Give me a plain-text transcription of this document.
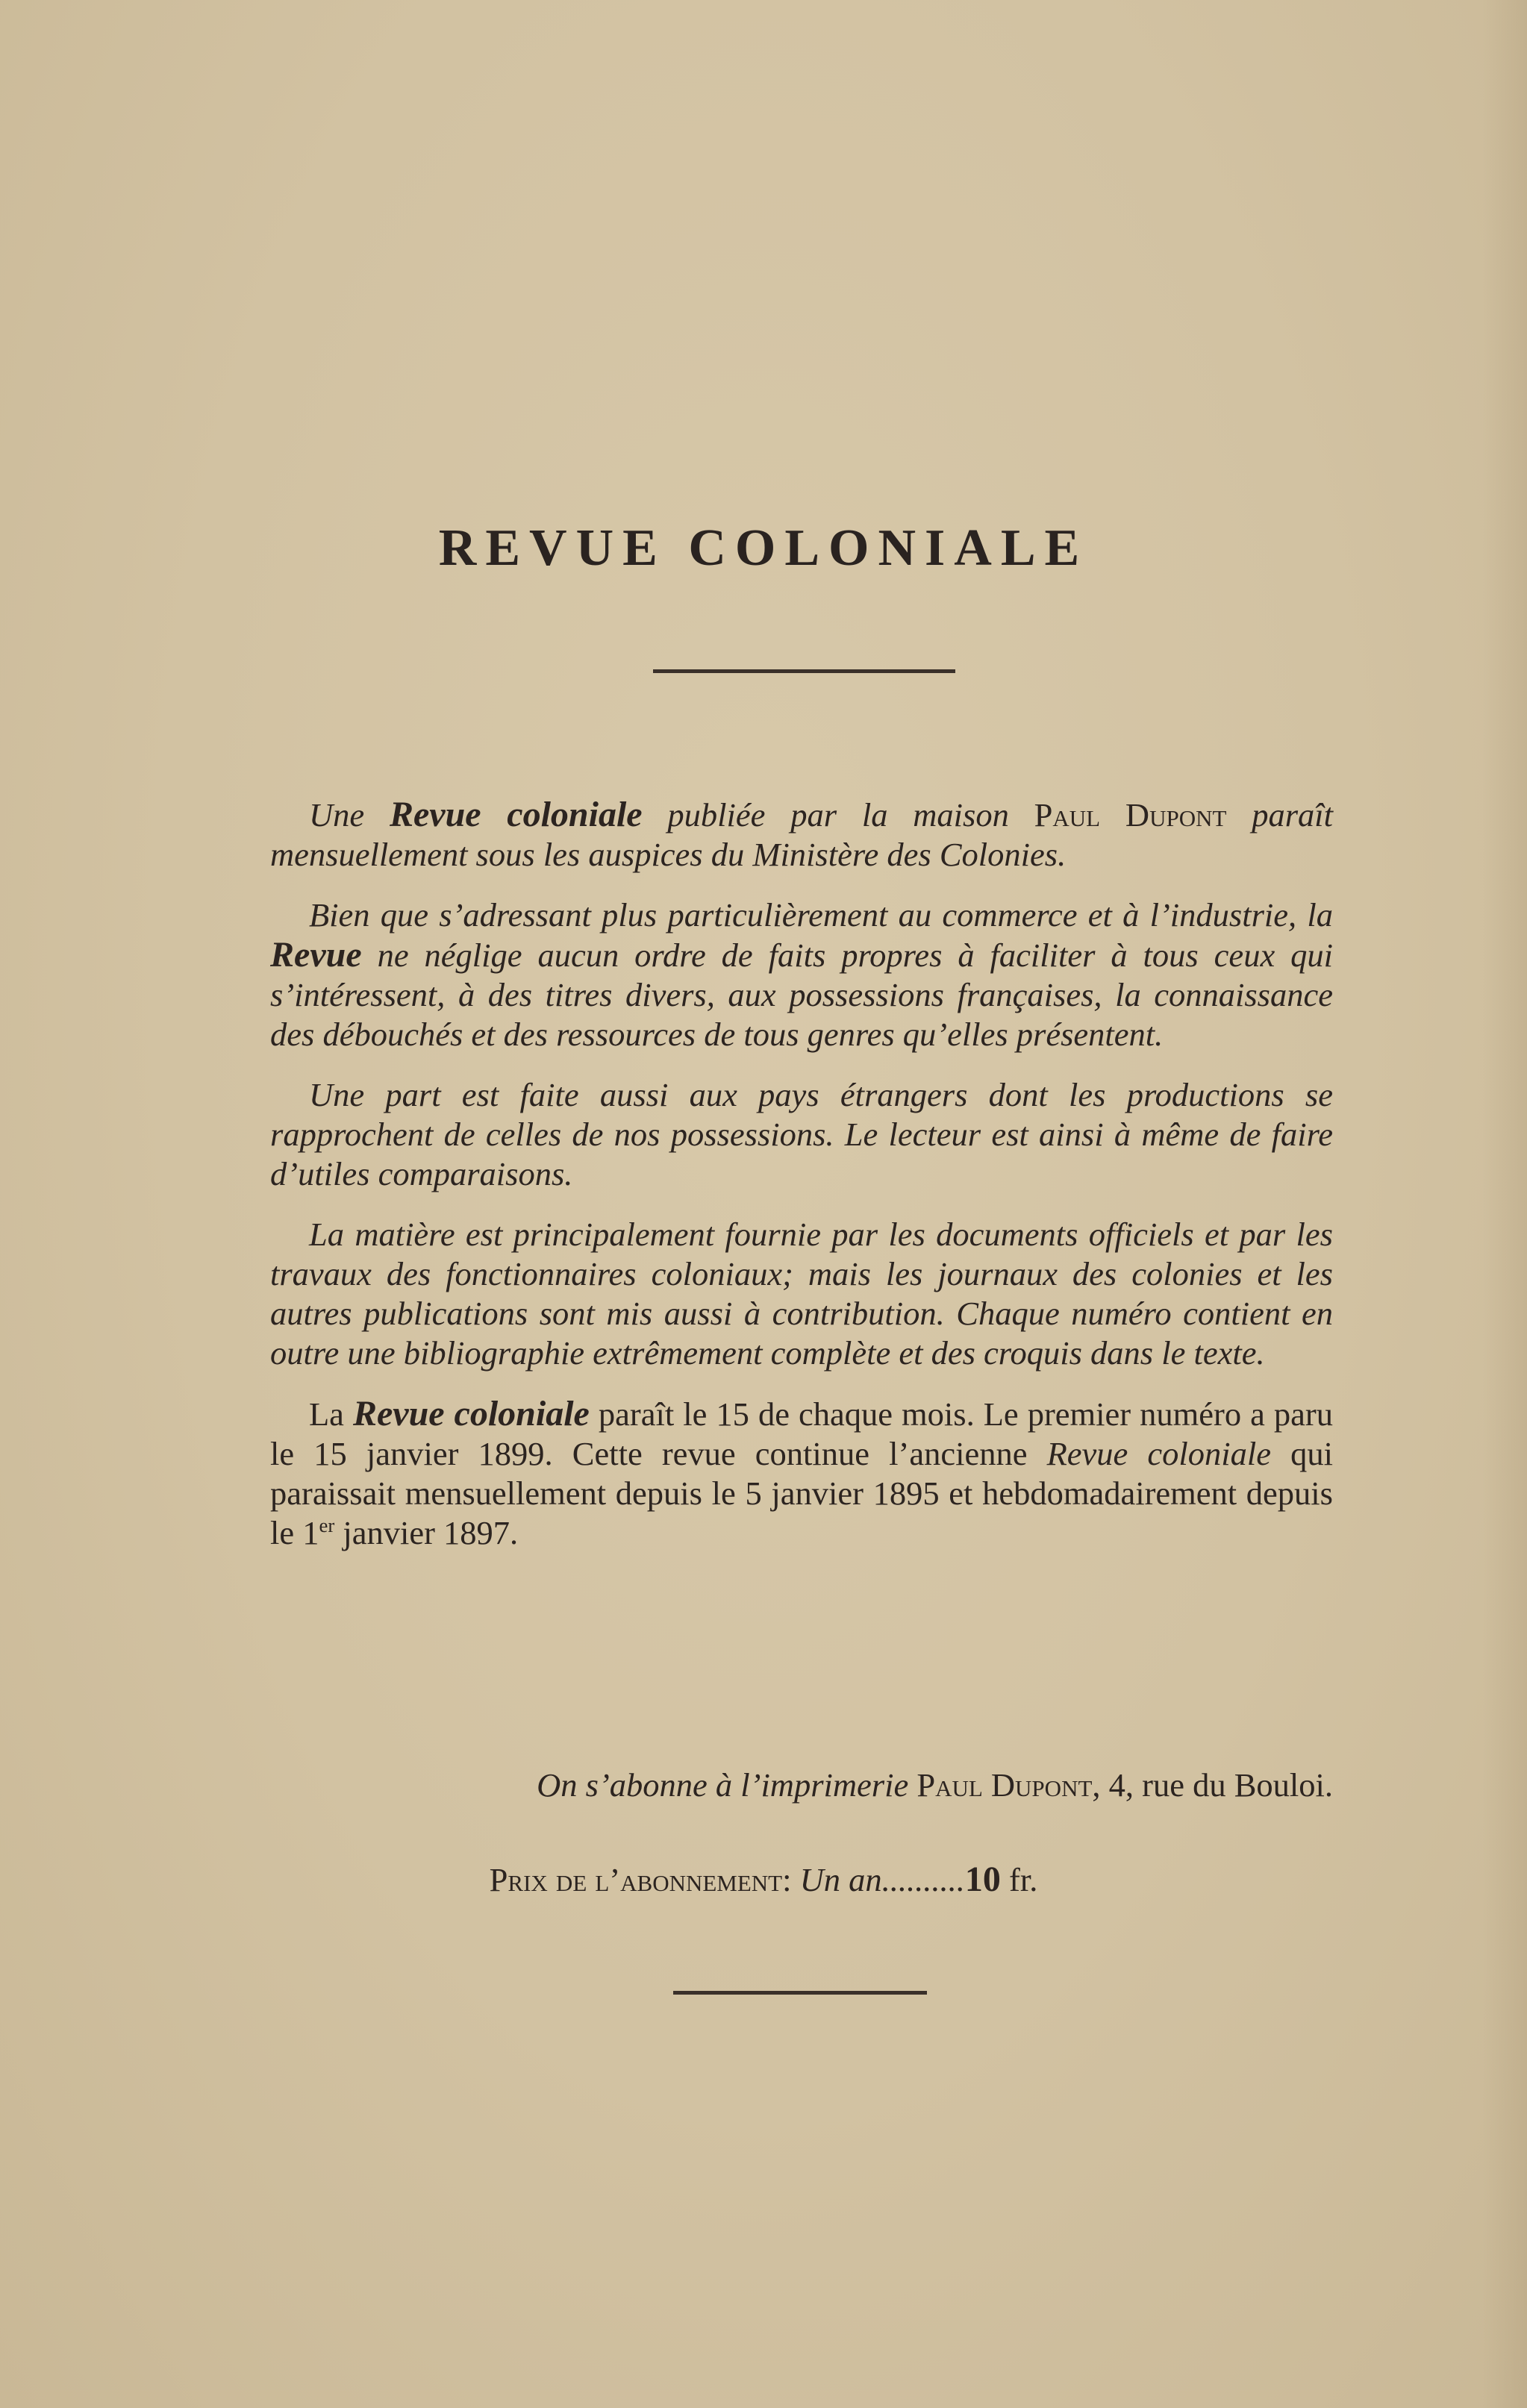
REVUE COLONIALE

Une Revue coloniale publiée par la maison Paul Dupont paraît mensuellement sous les auspices du Ministère des Colonies.

Bien que s’adressant plus particulièrement au commerce et à l’industrie, la Revue ne néglige aucun ordre de faits propres à faciliter à tous ceux qui s’intéressent, à des titres divers, aux possessions françaises, la connaissance des débouchés et des ressources de tous genres qu’elles présentent.

Une part est faite aussi aux pays étrangers dont les productions se rapprochent de celles de nos possessions. Le lecteur est ainsi à même de faire d’utiles comparaisons.

La matière est principalement fournie par les documents officiels et par les travaux des fonctionnaires coloniaux; mais les journaux des colonies et les autres publications sont mis aussi à contribution. Chaque numéro contient en outre une bibliographie extrêmement complète et des croquis dans le texte.

La Revue coloniale paraît le 15 de chaque mois. Le premier numéro a paru le 15 janvier 1899. Cette revue continue l’ancienne Revue coloniale qui paraissait mensuellement depuis le 5 janvier 1895 et hebdomadairement depuis le 1er janvier 1897.

On s’abonne à l’imprimerie Paul Dupont, 4, rue du Bouloi.

Prix de l’abonnement: Un an..........10 fr.
